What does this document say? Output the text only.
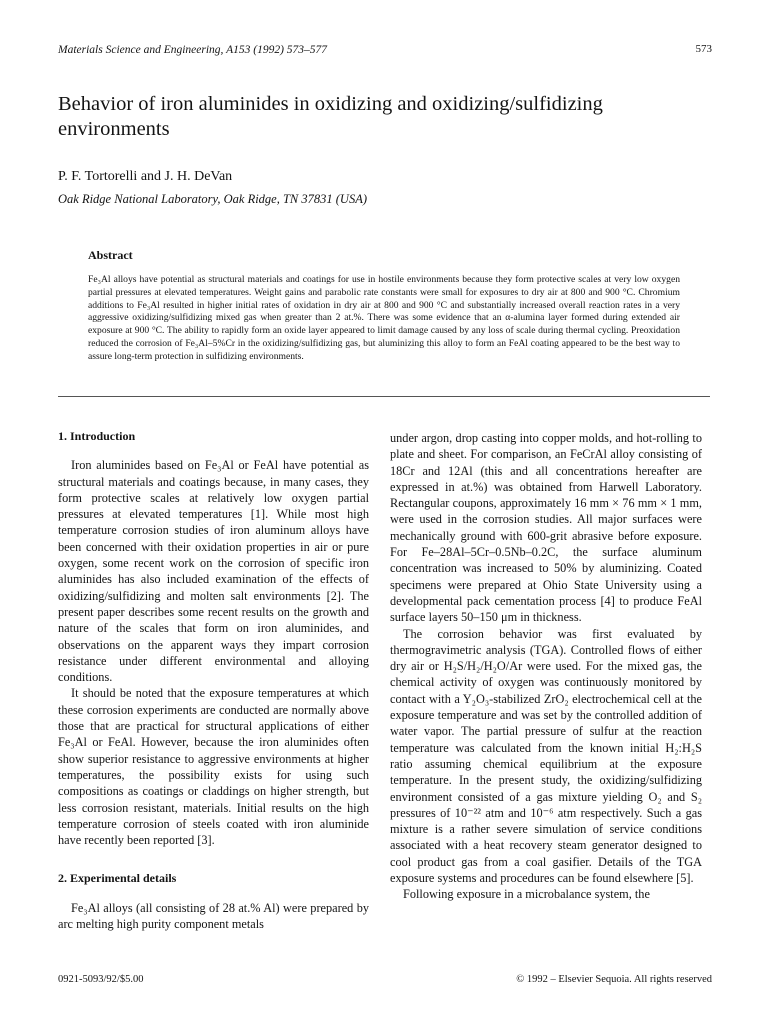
Materials Science and Engineering, A153 (1992) 573–577	573
Behavior of iron aluminides in oxidizing and oxidizing/sulfidizing environments
P. F. Tortorelli and J. H. DeVan
Oak Ridge National Laboratory, Oak Ridge, TN 37831 (USA)
Abstract
Fe₃Al alloys have potential as structural materials and coatings for use in hostile environments because they form protective scales at very low oxygen partial pressures at elevated temperatures. Weight gains and parabolic rate constants were small for exposures to dry air at 800 and 900 °C. Chromium additions to Fe₃Al resulted in higher initial rates of oxidation in dry air at 800 and 900 °C and substantially increased overall reaction rates in a very aggressive oxidizing/sulfidizing mixed gas when greater than 2 at.%. There was some evidence that an α-alumina layer formed during extended air exposure at 900 °C. The ability to rapidly form an oxide layer appeared to limit damage caused by any loss of scale during thermal cycling. Preoxidation reduced the corrosion of Fe₃Al–5%Cr in the oxidizing/sulfidizing gas, but aluminizing this alloy to form an FeAl coating appeared to be the best way to assure long-term protection in sulfidizing environments.
1. Introduction

Iron aluminides based on Fe₃Al or FeAl have potential as structural materials and coatings because, in many cases, they form protective scales at relatively low oxygen partial pressures at elevated temperatures [1]. While most high temperature corrosion studies of iron aluminum alloys have been concerned with their oxidation properties in air or pure oxygen, some recent work on the corrosion of specific iron aluminides has also included examination of the effects of oxidizing/sulfidizing and molten salt environments [2]. The present paper describes some recent results on the growth and nature of the scales that form on iron aluminides, and observations on the apparent ways they impart corrosion resistance under different environmental and alloying conditions.

It should be noted that the exposure temperatures at which these corrosion experiments are conducted are normally above those that are practical for structural applications of either Fe₃Al or FeAl. However, because the iron aluminides often show superior resistance to aggressive environments at higher temperatures, the possibility exists for using such compositions as coatings or claddings on higher strength, but less corrosion resistant, materials. Initial results on the high temperature corrosion of steels coated with iron aluminide have recently been reported [3].

2. Experimental details

Fe₃Al alloys (all consisting of 28 at.% Al) were prepared by arc melting high purity component metals

under argon, drop casting into copper molds, and hot-rolling to plate and sheet. For comparison, an FeCrAl alloy consisting of 18Cr and 12Al (this and all concentrations hereafter are expressed in at.%) was obtained from Harwell Laboratory. Rectangular coupons, approximately 16 mm × 76 mm × 1 mm, were used in the corrosion studies. All major surfaces were mechanically ground with 600-grit abrasive before exposure. For Fe–28Al–5Cr–0.5Nb–0.2C, the surface aluminum concentration was increased to 50% by aluminizing. Coated specimens were prepared at Ohio State University using a developmental pack cementation process [4] to produce FeAl surface layers 50–150 μm in thickness.

The corrosion behavior was first evaluated by thermogravimetric analysis (TGA). Controlled flows of either dry air or H₂S/H₂/H₂O/Ar were used. For the mixed gas, the chemical activity of oxygen was continuously monitored by contact with a Y₂O₃-stabilized ZrO₂ electrochemical cell at the exposure temperature and was set by the controlled addition of water vapor. The partial pressure of sulfur at the reaction temperature was calculated from the known initial H₂:H₂S ratio assuming chemical equilibrium at the exposure temperature. In the present study, the oxidizing/sulfidizing environment consisted of a gas mixture yielding O₂ and S₂ pressures of 10⁻²² atm and 10⁻⁶ atm respectively. Such a gas mixture is a rather severe simulation of service conditions associated with a heat recovery steam generator designed to cool product gas from a coal gasifier. Details of the TGA exposure systems and procedures can be found elsewhere [5].

Following exposure in a microbalance system, the

0921-5093/92/$5.00	© 1992 – Elsevier Sequoia. All rights reserved
